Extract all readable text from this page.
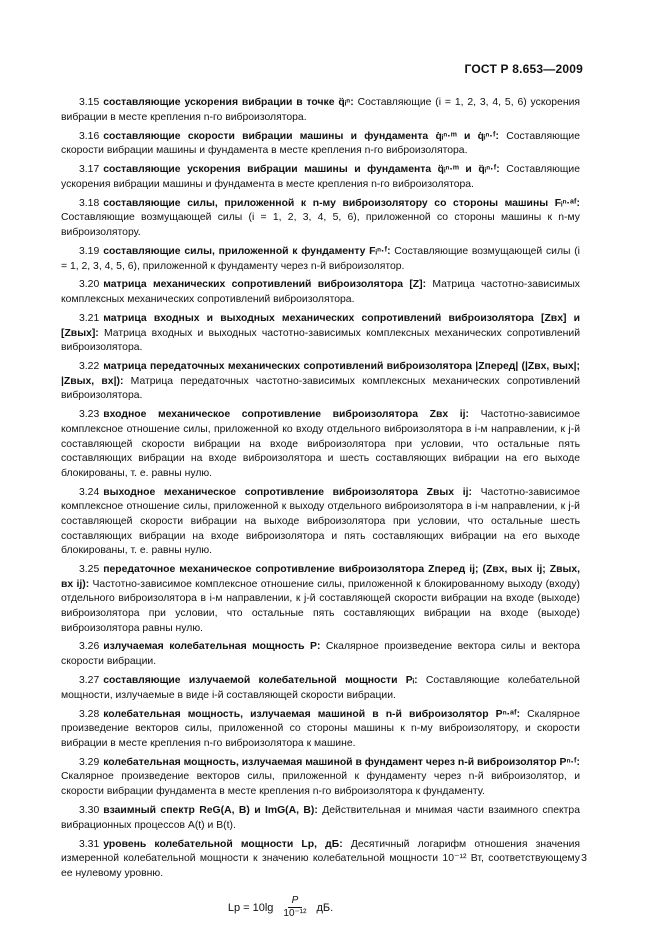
ГОСТ Р 8.653—2009

3.15 составляющие ускорения вибрации в точке q̈ᵢⁿ: Составляющие (i = 1, 2, 3, 4, 5, 6) ускорения вибрации в месте крепления n-го виброизолятора.

3.16 составляющие скорости вибрации машины и фундамента q̇ᵢⁿ·ᵐ и q̇ᵢⁿ·ᶠ: Составляющие скорости вибрации машины и фундамента в месте крепления n-го виброизолятора.

3.17 составляющие ускорения вибрации машины и фундамента q̈ᵢⁿ·ᵐ и q̈ᵢⁿ·ᶠ: Составляющие ускорения вибрации машины и фундамента в месте крепления n-го виброизолятора.

3.18 составляющие силы, приложенной к n-му виброизолятору со стороны машины Fᵢⁿ·ᵃᶠ: Составляющие возмущающей силы (i = 1, 2, 3, 4, 5, 6), приложенной со стороны машины к n-му виброизолятору.

3.19 составляющие силы, приложенной к фундаменту Fᵢⁿ·ᶠ: Составляющие возмущающей силы (i = 1, 2, 3, 4, 5, 6), приложенной к фундаменту через n-й виброизолятор.

3.20 матрица механических сопротивлений виброизолятора [Z]: Матрица частотно-зависимых комплексных механических сопротивлений виброизолятора.

3.21 матрица входных и выходных механических сопротивлений виброизолятора [Zвх] и [Zвых]: Матрица входных и выходных частотно-зависимых комплексных механических сопротивлений виброизолятора.

3.22 матрица передаточных механических сопротивлений виброизолятора |Zперед| (|Zвх, вых|; |Zвых, вх|): Матрица передаточных частотно-зависимых комплексных механических сопротивлений виброизолятора.

3.23 входное механическое сопротивление виброизолятора Zвх ij: Частотно-зависимое комплексное отношение силы, приложенной ко входу отдельного виброизолятора в i-м направлении, к j-й составляющей скорости вибрации на входе виброизолятора при условии, что остальные пять составляющих вибрации на входе виброизолятора и шесть составляющих вибрации на его выходе блокированы, т. е. равны нулю.

3.24 выходное механическое сопротивление виброизолятора Zвых ij: Частотно-зависимое комплексное отношение силы, приложенной к выходу отдельного виброизолятора в i-м направлении, к j-й составляющей скорости вибрации на выходе виброизолятора при условии, что остальные шесть составляющих вибрации на входе виброизолятора и пять составляющих вибрации на его выходе блокированы, т. е. равны нулю.

3.25 передаточное механическое сопротивление виброизолятора Zперед ij; (Zвх, вых ij; Zвых, вх ij): Частотно-зависимое комплексное отношение силы, приложенной к блокированному выходу (входу) отдельного виброизолятора в i-м направлении, к j-й составляющей скорости вибрации на входе (выходе) виброизолятора при условии, что остальные пять составляющих вибрации на входе (выходе) виброизолятора равны нулю.

3.26 излучаемая колебательная мощность P: Скалярное произведение вектора силы и вектора скорости вибрации.

3.27 составляющие излучаемой колебательной мощности Pᵢ: Составляющие колебательной мощности, излучаемые в виде i-й составляющей скорости вибрации.

3.28 колебательная мощность, излучаемая машиной в n-й виброизолятор Pⁿ·ᵃᶠ: Скалярное произведение векторов силы, приложенной со стороны машины к n-му виброизолятору, и скорости вибрации в месте крепления n-го виброизолятора к машине.

3.29 колебательная мощность, излучаемая машиной в фундамент через n-й виброизолятор Pⁿ·ᶠ: Скалярное произведение векторов силы, приложенной к фундаменту через n-й виброизолятор, и скорости вибрации фундамента в месте крепления n-го виброизолятора к фундаменту.

3.30 взаимный спектр ReG(A, B) и ImG(A, B): Действительная и мнимая части взаимного спектра вибрационных процессов A(t) и B(t).

3.31 уровень колебательной мощности Lp, дБ: Десятичный логарифм отношения значения измеренной колебательной мощности к значению колебательной мощности 10⁻¹² Вт, соответствующему ее нулевому уровню.

$Lp = 10\lg \frac{P}{\text{10⁻¹²}}$ дБ.
3
